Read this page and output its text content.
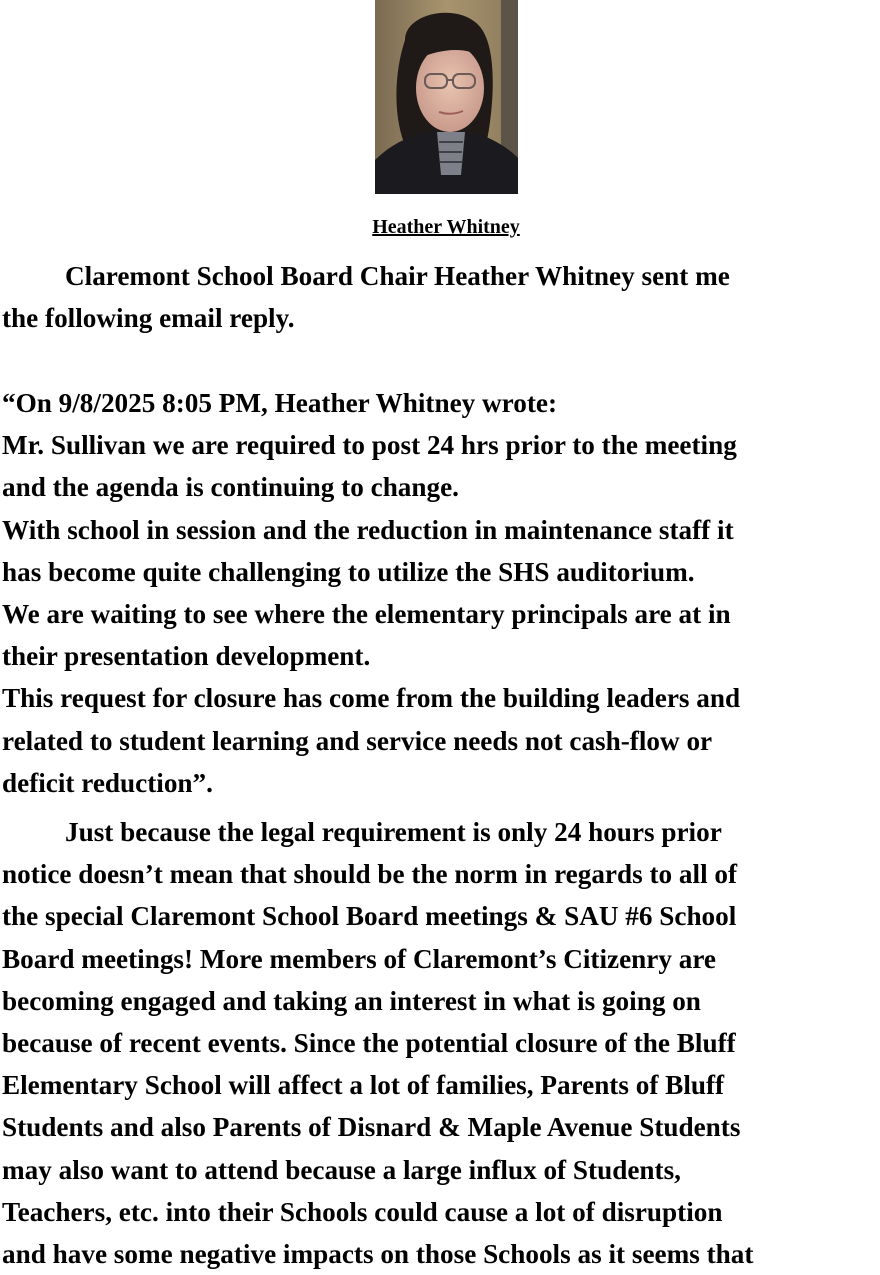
Heather Whitney

Claremont School Board Chair Heather Whitney sent me
the following email reply.
“On 9/8/2025 8:05 PM, Heather Whitney wrote:
Mr. Sullivan we are required to post 24 hrs prior to the meeting
and the agenda is continuing to change.
With school in session and the reduction in maintenance staff it
has become quite challenging to utilize the SHS auditorium.
We are waiting to see where the elementary principals are at in
their presentation development.
This request for closure has come from the building leaders and
related to student learning and service needs not cash-flow or
deficit reduction”.
Just because the legal requirement is only 24 hours prior
notice doesn’t mean that should be the norm in regards to all of
the special Claremont School Board meetings & SAU #6 School
Board meetings! More members of Claremont’s Citizenry are
becoming engaged and taking an interest in what is going on
because of recent events. Since the potential closure of the Bluff
Elementary School will affect a lot of families, Parents of Bluff
Students and also Parents of Disnard & Maple Avenue Students
may also want to attend because a large influx of Students,
Teachers, etc. into their Schools could cause a lot of disruption
and have some negative impacts on those Schools as it seems that
